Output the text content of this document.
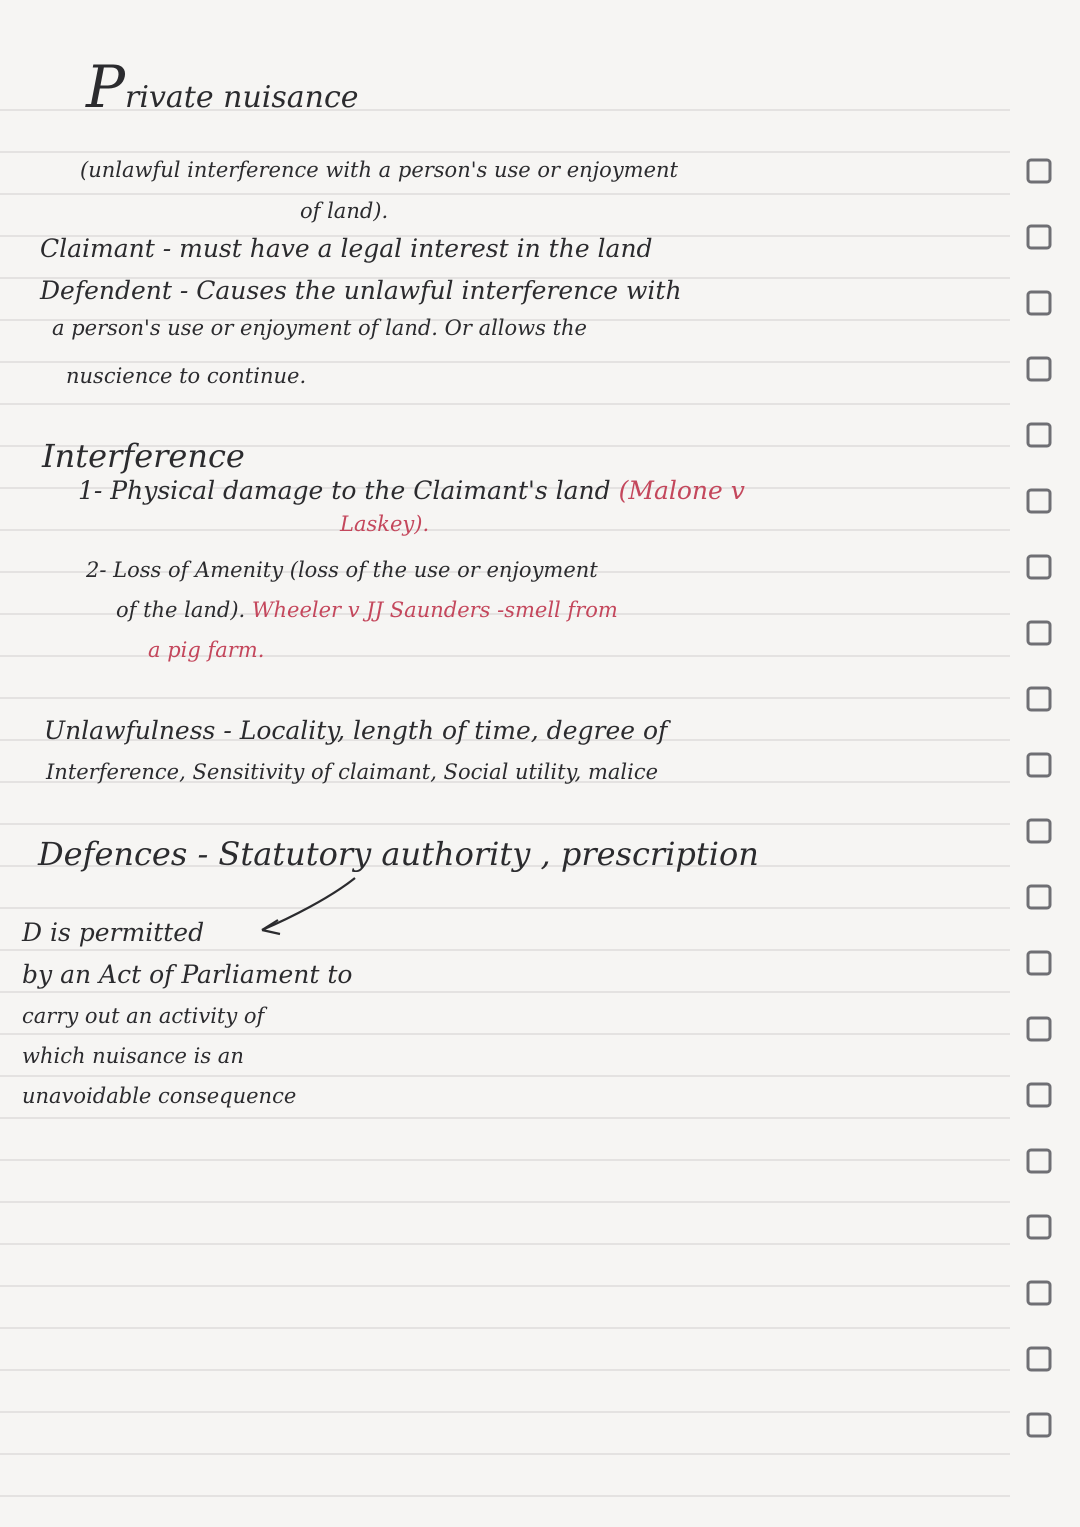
Private nuisance
(unlawful interference with a person's use or enjoyment
of land).
Claimant - must have a legal interest in the land
Defendent - Causes the unlawful interference with
a person's use or enjoyment of land. Or allows the
nuscience to continue.
Interference
1- Physical damage to the Claimant's land (Malone v
Laskey).
2- Loss of Amenity (loss of the use or enjoyment
of the land). Wheeler v JJ Saunders -smell from
a pig farm.
Unlawfulness - Locality, length of time, degree of
Interference, Sensitivity of claimant, Social utility, malice
Defences - Statutory authority , prescription
D is permitted
by an Act of Parliament to
carry out an activity of
which nuisance is an
unavoidable consequence
